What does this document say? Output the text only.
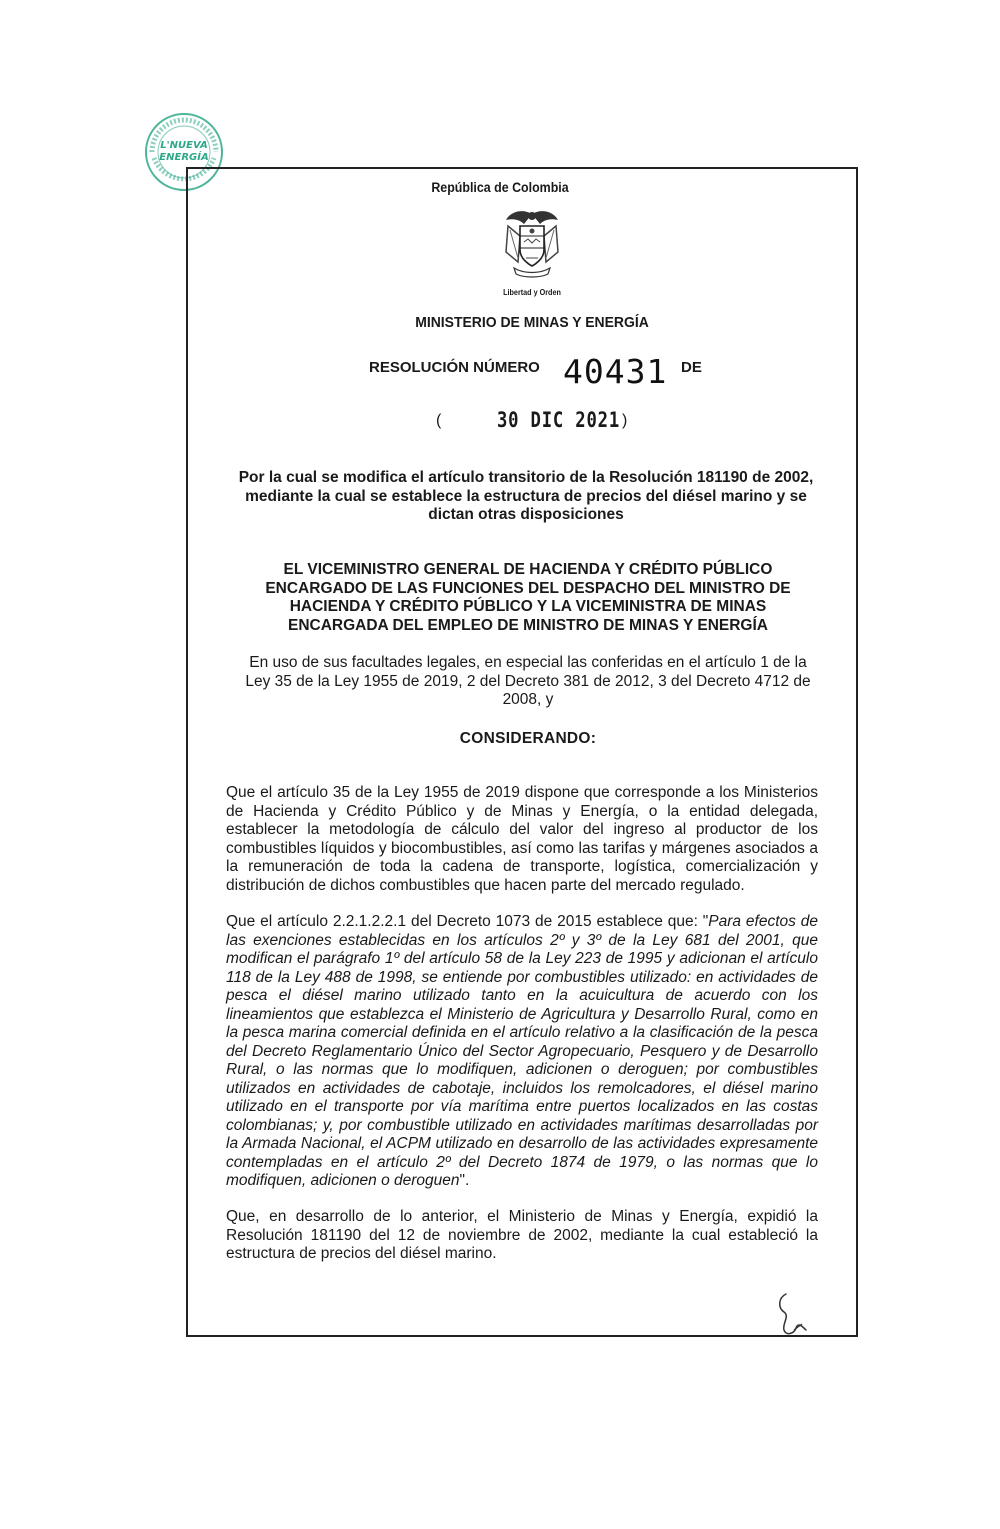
L'NUEVA
ENERGÍA
República de Colombia
Libertad y Orden
MINISTERIO DE MINAS Y ENERGÍA
RESOLUCIÓN NÚMERO 40431 DE
(	30 DIC 2021 )
Por la cual se modifica el artículo transitorio de la Resolución 181190 de 2002,
mediante la cual se establece la estructura de precios del diésel marino y se
dictan otras disposiciones
EL VICEMINISTRO GENERAL DE HACIENDA Y CRÉDITO PÚBLICO
ENCARGADO DE LAS FUNCIONES DEL DESPACHO DEL MINISTRO DE
HACIENDA Y CRÉDITO PÚBLICO Y LA VICEMINISTRA DE MINAS
ENCARGADA DEL EMPLEO DE MINISTRO DE MINAS Y ENERGÍA
En uso de sus facultades legales, en especial las conferidas en el artículo 1 de la
Ley 35 de la Ley 1955 de 2019, 2 del Decreto 381 de 2012, 3 del Decreto 4712 de
2008, y
CONSIDERANDO:
Que el artículo 35 de la Ley 1955 de 2019 dispone que corresponde a los Ministerios de Hacienda y Crédito Público y de Minas y Energía, o la entidad delegada, establecer la metodología de cálculo del valor del ingreso al productor de los combustibles líquidos y biocombustibles, así como las tarifas y márgenes asociados a la remuneración de toda la cadena de transporte, logística, comercialización y distribución de dichos combustibles que hacen parte del mercado regulado.
Que el artículo 2.2.1.2.2.1 del Decreto 1073 de 2015 establece que: "Para efectos de las exenciones establecidas en los artículos 2º y 3º de la Ley 681 del 2001, que modifican el parágrafo 1º del artículo 58 de la Ley 223 de 1995 y adicionan el artículo 118 de la Ley 488 de 1998, se entiende por combustibles utilizado: en actividades de pesca el diésel marino utilizado tanto en la acuicultura de acuerdo con los lineamientos que establezca el Ministerio de Agricultura y Desarrollo Rural, como en la pesca marina comercial definida en el artículo relativo a la clasificación de la pesca del Decreto Reglamentario Único del Sector Agropecuario, Pesquero y de Desarrollo Rural, o las normas que lo modifiquen, adicionen o deroguen; por combustibles utilizados en actividades de cabotaje, incluidos los remolcadores, el diésel marino utilizado en el transporte por vía marítima entre puertos localizados en las costas colombianas; y, por combustible utilizado en actividades marítimas desarrolladas por la Armada Nacional, el ACPM utilizado en desarrollo de las actividades expresamente contempladas en el artículo 2º del Decreto 1874 de 1979, o las normas que lo modifiquen, adicionen o deroguen".
Que, en desarrollo de lo anterior, el Ministerio de Minas y Energía, expidió la Resolución 181190 del 12 de noviembre de 2002, mediante la cual estableció la estructura de precios del diésel marino.
